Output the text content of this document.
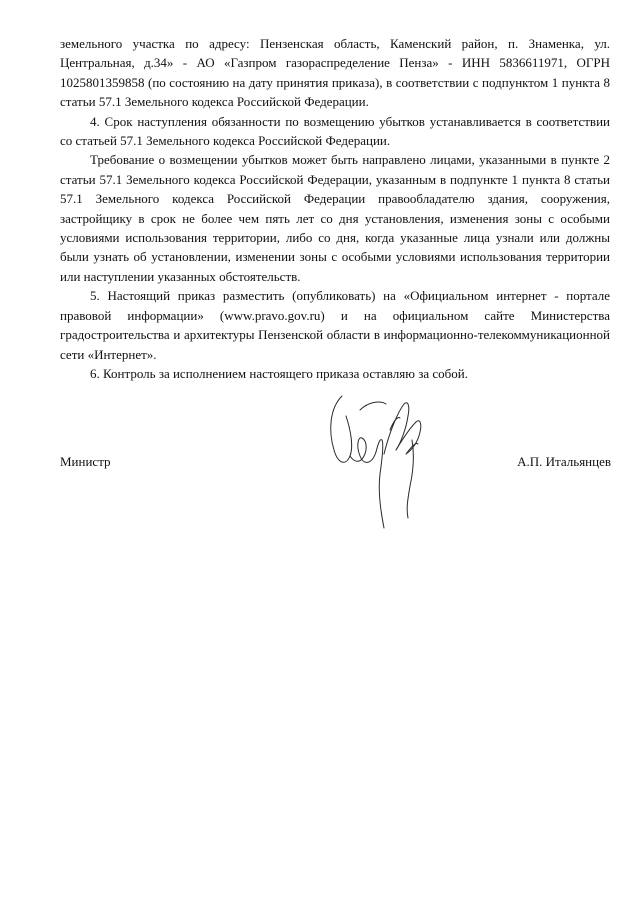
земельного участка по адресу: Пензенская область, Каменский район, п. Знаменка, ул. Центральная, д.34» - АО «Газпром газораспределение Пенза» - ИНН 5836611971, ОГРН 1025801359858 (по состоянию на дату принятия приказа), в соответствии с подпунктом 1 пункта 8 статьи 57.1 Земельного кодекса Российской Федерации.

4. Срок наступления обязанности по возмещению убытков устанавливается в соответствии со статьей 57.1 Земельного кодекса Российской Федерации.

Требование о возмещении убытков может быть направлено лицами, указанными в пункте 2 статьи 57.1 Земельного кодекса Российской Федерации, указанным в подпункте 1 пункта 8 статьи 57.1 Земельного кодекса Российской Федерации правообладателю здания, сооружения, застройщику в срок не более чем пять лет со дня установления, изменения зоны с особыми условиями использования территории, либо со дня, когда указанные лица узнали или должны были узнать об установлении, изменении зоны с особыми условиями использования территории или наступлении указанных обстоятельств.

5. Настоящий приказ разместить (опубликовать) на «Официальном интернет - портале правовой информации» (www.pravo.gov.ru) и на официальном сайте Министерства градостроительства и архитектуры Пензенской области в информационно-телекоммуникационной сети «Интернет».

6. Контроль за исполнением настоящего приказа оставляю за собой.

Министр	А.П. Итальянцев
